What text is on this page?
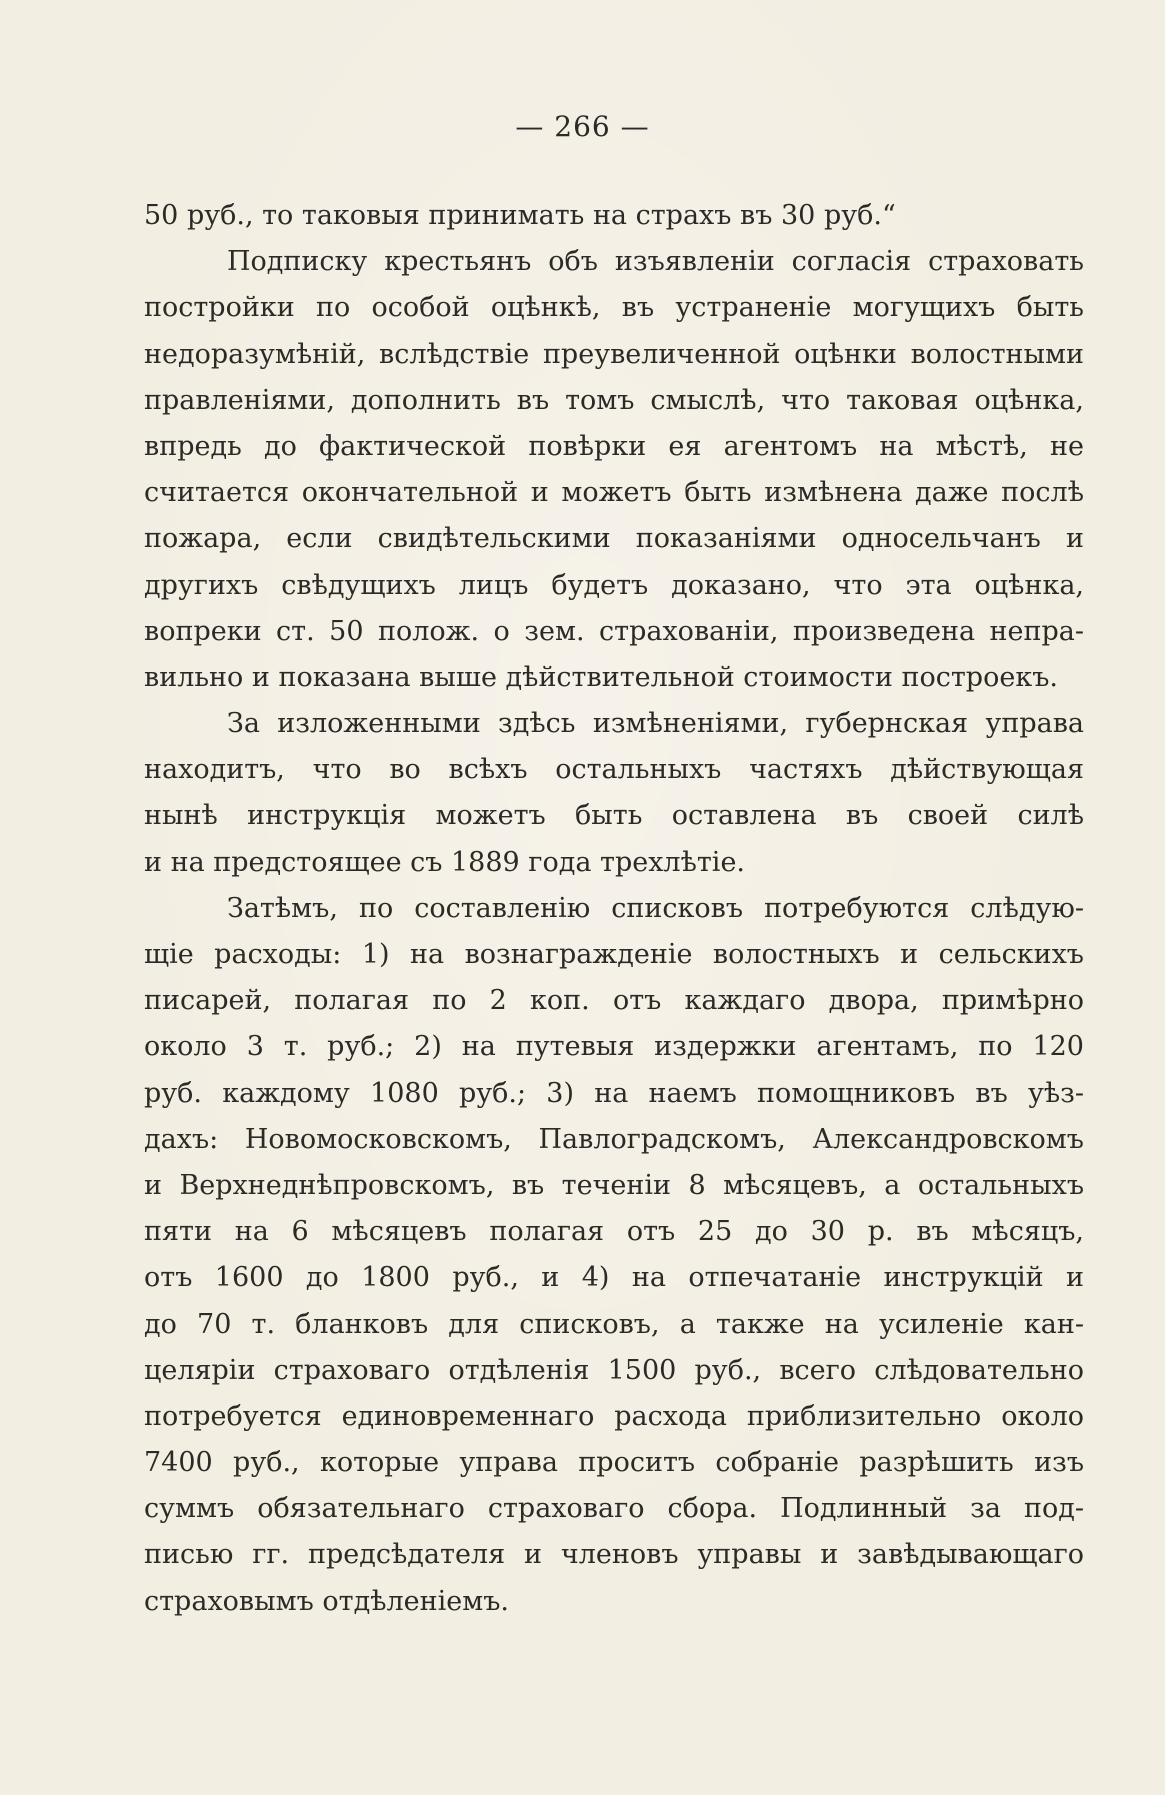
— 266 —
50 руб., то таковыя принимать на страхъ въ 30 руб.“
Подписку крестьянъ объ изъявленіи согласія страховать
постройки по особой оцѣнкѣ, въ устраненіе могущихъ быть
недоразумѣній, вслѣдствіе преувеличенной оцѣнки волостными
правленіями, дополнить въ томъ смыслѣ, что таковая оцѣнка,
впредь до фактической повѣрки ея агентомъ на мѣстѣ, не
считается окончательной и можетъ быть измѣнена даже послѣ
пожара, если свидѣтельскими показаніями односельчанъ и
другихъ свѣдущихъ лицъ будетъ доказано, что эта оцѣнка,
вопреки ст. 50 полож. о зем. страхованіи, произведена непра-
вильно и показана выше дѣйствительной стоимости построекъ.
За изложенными здѣсь измѣненіями, губернская управа
находитъ, что во всѣхъ остальныхъ частяхъ дѣйствующая
нынѣ инструкція можетъ быть оставлена въ своей силѣ
и на предстоящее съ 1889 года трехлѣтіе.
Затѣмъ, по составленію списковъ потребуются слѣдую-
щіе расходы: 1) на вознагражденіе волостныхъ и сельскихъ
писарей, полагая по 2 коп. отъ каждаго двора, примѣрно
около 3 т. руб.; 2) на путевыя издержки агентамъ, по 120
руб. каждому 1080 руб.; 3) на наемъ помощниковъ въ уѣз-
дахъ: Новомосковскомъ, Павлоградскомъ, Александровскомъ
и Верхнеднѣпровскомъ, въ теченіи 8 мѣсяцевъ, а остальныхъ
пяти на 6 мѣсяцевъ полагая отъ 25 до 30 р. въ мѣсяцъ,
отъ 1600 до 1800 руб., и 4) на отпечатаніе инструкцій и
до 70 т. бланковъ для списковъ, а также на усиленіе кан-
целяріи страховаго отдѣленія 1500 руб., всего слѣдовательно
потребуется единовременнаго расхода приблизительно около
7400 руб., которые управа проситъ собраніе разрѣшить изъ
суммъ обязательнаго страховаго сбора. Подлинный за под-
писью гг. предсѣдателя и членовъ управы и завѣдывающаго
страховымъ отдѣленіемъ.
